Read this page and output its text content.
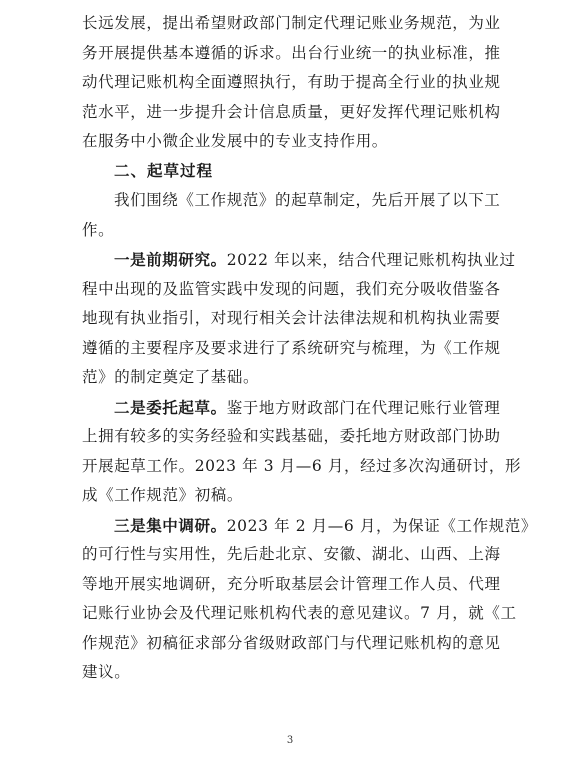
长远发展，提出希望财政部门制定代理记账业务规范，为业
务开展提供基本遵循的诉求。出台行业统一的执业标准，推
动代理记账机构全面遵照执行，有助于提高全行业的执业规
范水平，进一步提升会计信息质量，更好发挥代理记账机构
在服务中小微企业发展中的专业支持作用。
二、起草过程
我们围绕《工作规范》的起草制定，先后开展了以下工
作。
一是前期研究。2022 年以来，结合代理记账机构执业过
程中出现的及监管实践中发现的问题，我们充分吸收借鉴各
地现有执业指引，对现行相关会计法律法规和机构执业需要
遵循的主要程序及要求进行了系统研究与梳理，为《工作规
范》的制定奠定了基础。
二是委托起草。鉴于地方财政部门在代理记账行业管理
上拥有较多的实务经验和实践基础，委托地方财政部门协助
开展起草工作。2023 年 3 月—6 月，经过多次沟通研讨，形
成《工作规范》初稿。
三是集中调研。2023 年 2 月—6 月，为保证《工作规范》
的可行性与实用性，先后赴北京、安徽、湖北、山西、上海
等地开展实地调研，充分听取基层会计管理工作人员、代理
记账行业协会及代理记账机构代表的意见建议。7 月，就《工
作规范》初稿征求部分省级财政部门与代理记账机构的意见
建议。
3
